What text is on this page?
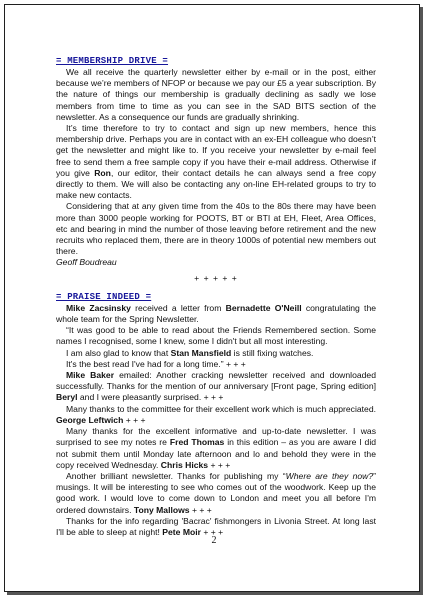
= MEMBERSHIP DRIVE =

We all receive the quarterly newsletter either by e-mail or in the post, either because we’re members of NFOP or because we pay our £5 a year subscription. By the nature of things our membership is gradually declining as sadly we lose members from time to time as you can see in the SAD BITS section of the newsletter. As a consequence our funds are gradually shrinking.

It’s time therefore to try to contact and sign up new members, hence this membership drive. Perhaps you are in contact with an ex-EH colleague who doesn’t get the newsletter and might like to. If you receive your newsletter by e-mail feel free to send them a free sample copy if you have their e-mail address. Otherwise if you give Ron, our editor, their contact details he can always send a free copy directly to them. We will also be contacting any on-line EH-related groups to try to make new contacts.

Considering that at any given time from the 40s to the 80s there may have been more than 3000 people working for POOTS, BT or BTI at EH, Fleet, Area Offices, etc and bearing in mind the number of those leaving before retirement and the new recruits who replaced them, there are in theory 1000s of potential new members out there.

Geoff Boudreau

+ + + + +
= PRAISE INDEED =

Mike Zacsinsky received a letter from Bernadette O'Neill congratulating the whole team for the Spring Newsletter.

“It was good to be able to read about the Friends Remembered section. Some names I recognised, some I knew, some I didn't but all most interesting.

I am also glad to know that Stan Mansfield is still fixing watches.

It's the best read I've had for a long time.” + + +

Mike Baker emailed: Another cracking newsletter received and downloaded successfully. Thanks for the mention of our anniversary [Front page, Spring edition] Beryl and I were pleasantly surprised. + + +

Many thanks to the committee for their excellent work which is much appreciated. George Leftwich + + +

Many thanks for the excellent informative and up-to-date newsletter. I was surprised to see my notes re Fred Thomas in this edition – as you are aware I did not submit them until Monday late afternoon and lo and behold they were in the copy received Wednesday. Chris Hicks + + +

Another brilliant newsletter. Thanks for publishing my “Where are they now?” musings. It will be interesting to see who comes out of the woodwork. Keep up the good work. I would love to come down to London and meet you all before I'm ordered downstairs. Tony Mallows + + +

Thanks for the info regarding 'Bacrac' fishmongers in Livonia Street. At long last I'll be able to sleep at night! Pete Moir + + +

2
